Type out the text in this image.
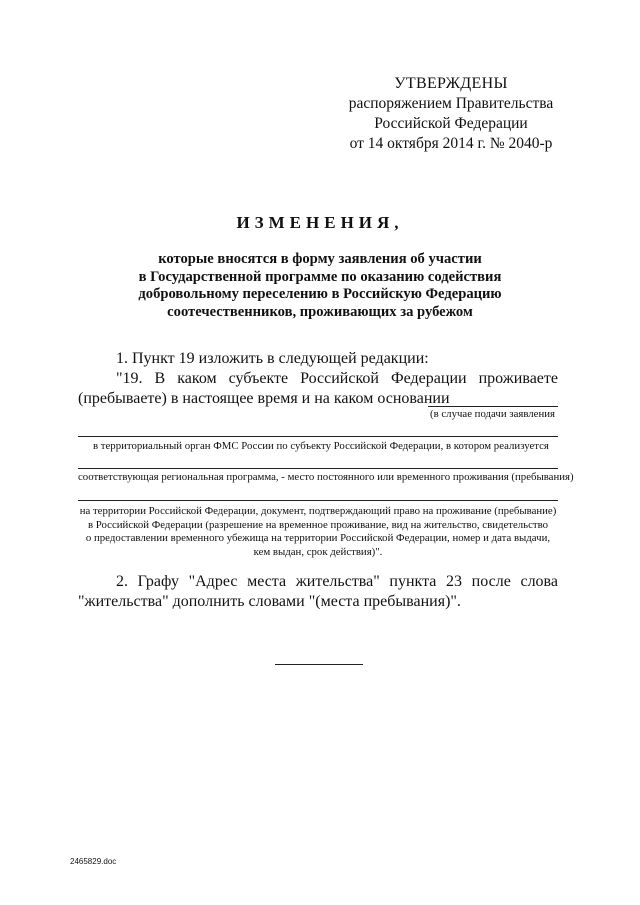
УТВЕРЖДЕНЫ
распоряжением Правительства
Российской Федерации
от 14 октября 2014 г. № 2040-р
ИЗМЕНЕНИЯ,
которые вносятся в форму заявления об участии
в Государственной программе по оказанию содействия
добровольному переселению в Российскую Федерацию
соотечественников, проживающих за рубежом
1. Пункт 19 изложить в следующей редакции:
"19. В каком субъекте Российской Федерации проживаете
(пребываете) в настоящее время и на каком основании
(в случае подачи заявления
в территориальный орган ФМС России по субъекту Российской Федерации, в котором реализуется
соответствующая региональная программа, - место постоянного или временного проживания (пребывания)
на территории Российской Федерации, документ, подтверждающий право на проживание (пребывание)
в Российской Федерации (разрешение на временное проживание, вид на жительство, свидетельство
о предоставлении временного убежища на территории Российской Федерации, номер и дата выдачи,
кем выдан, срок действия)".
2. Графу "Адрес места жительства" пункта 23 после слова
"жительства" дополнить словами "(места пребывания)".
2465829.doc
